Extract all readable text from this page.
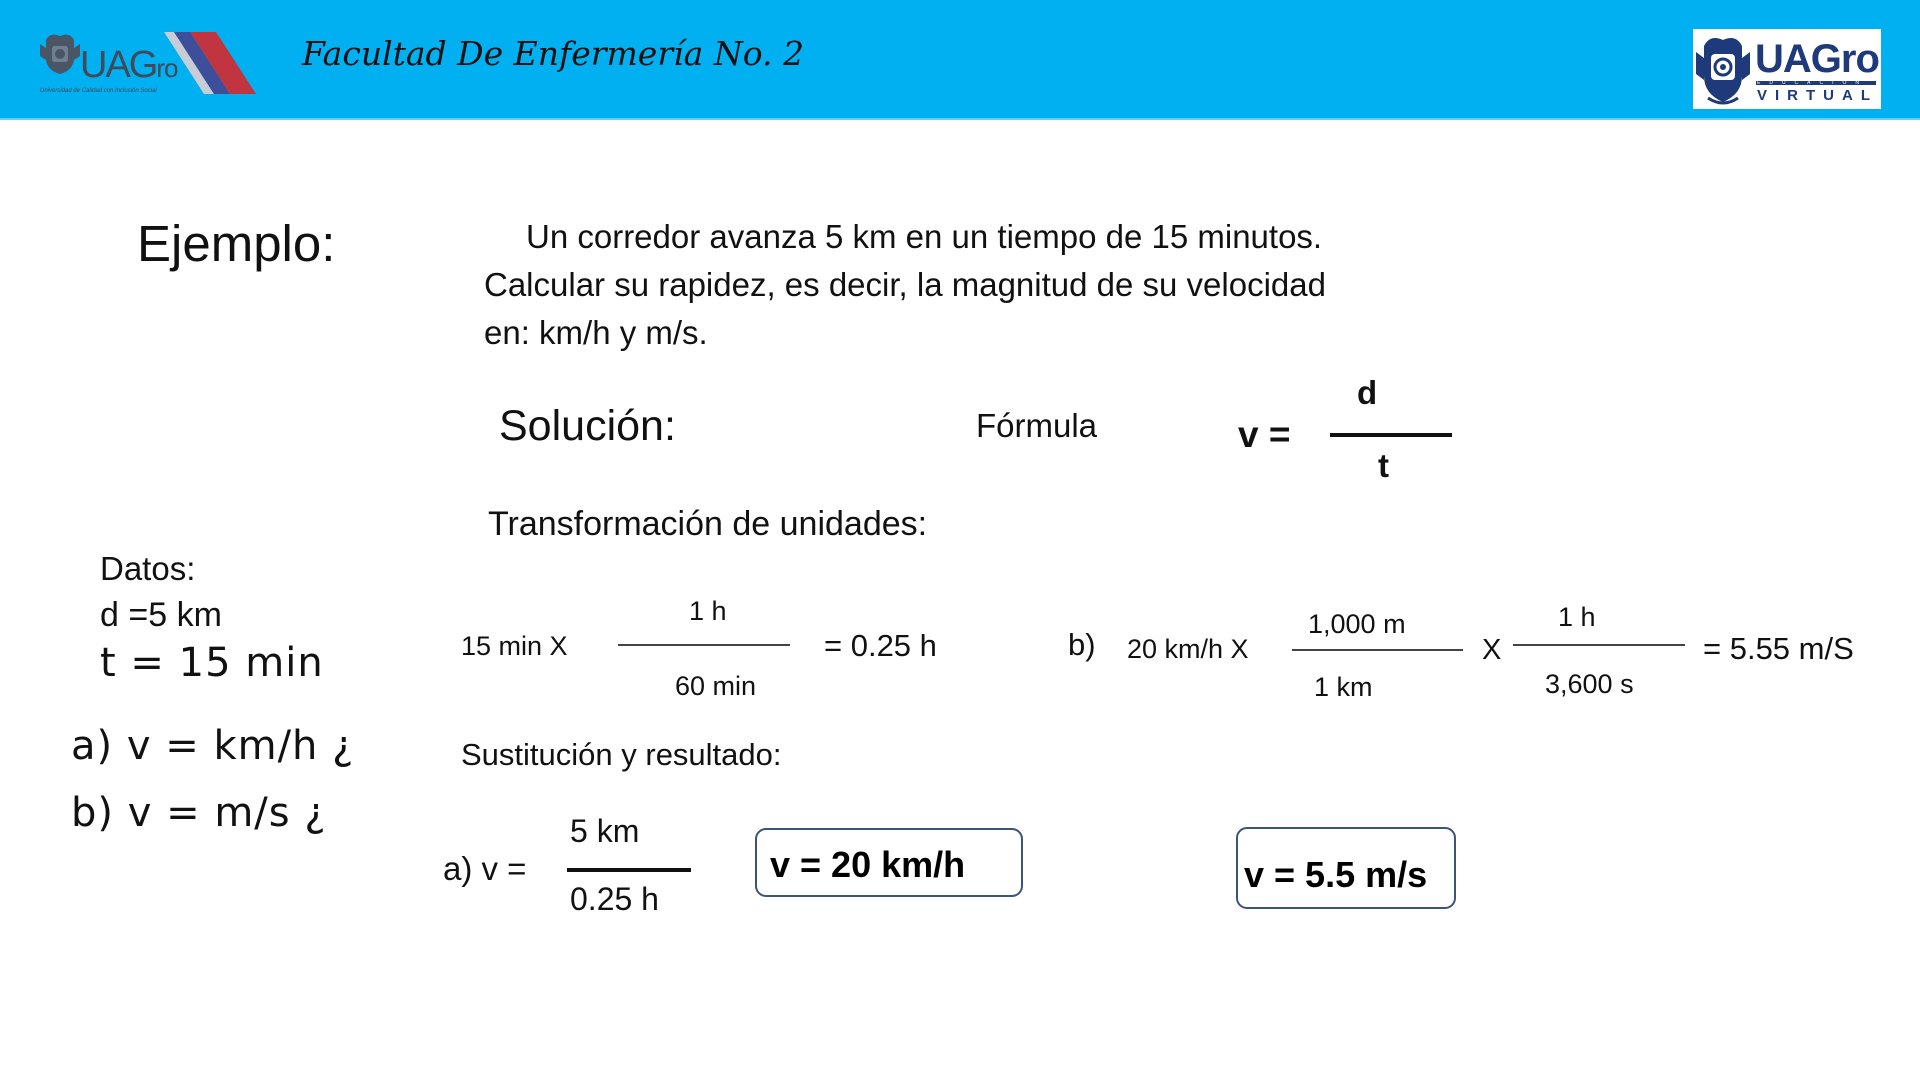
UAGro
Universidad de Calidad con Inclusión Social
Facultad De Enfermería No. 2	UAGro
EDUCACIÓN
VIRTUAL
Ejemplo:	Un corredor avanza 5 km en un tiempo de 15 minutos.
Calcular su rapidez, es decir, la magnitud de su velocidad
en: km/h y m/s.
Solución:	Fórmula	v =
d
t
Transformación de unidades:
Datos:
d =5 km
t = 15 min
a) v = km/h ¿
b) v = m/s ¿
15 min X
1 h
60 min
= 0.25 h	b) 20 km/h X
1,000 m
1 km
X
1 h
3,600 s
= 5.55 m/S
Sustitución y resultado:
a) v =
5 km
0.25 h
v = 20 km/h	v = 5.5 m/s
